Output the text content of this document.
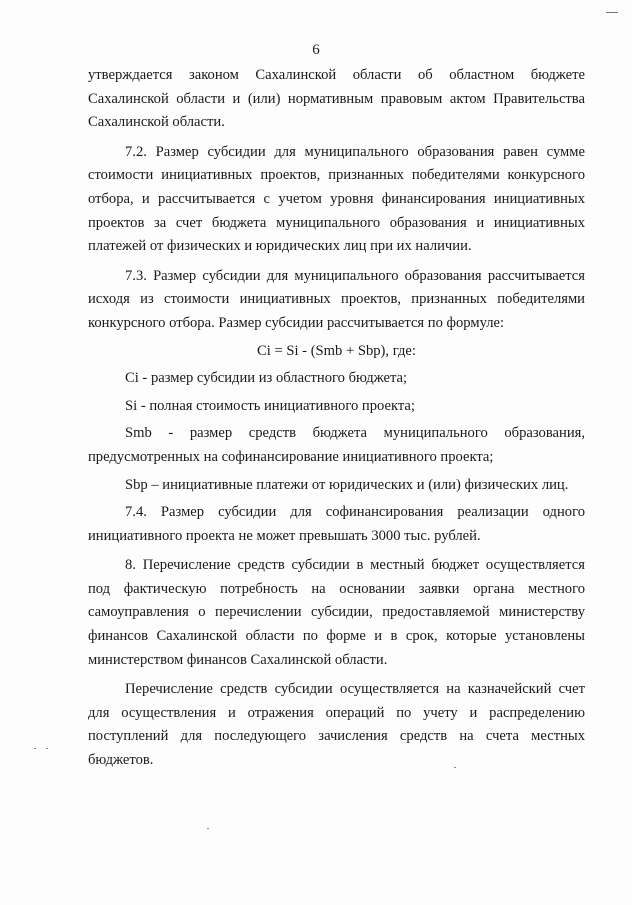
6

утверждается законом Сахалинской области об областном бюджете Сахалинской области и (или) нормативным правовым актом Правительства Сахалинской области.

7.2. Размер субсидии для муниципального образования равен сумме стоимости инициативных проектов, признанных победителями конкурсного отбора, и рассчитывается с учетом уровня финансирования инициативных проектов за счет бюджета муниципального образования и инициативных платежей от физических и юридических лиц при их наличии.

7.3. Размер субсидии для муниципального образования рассчитывается исходя из стоимости инициативных проектов, признанных победителями конкурсного отбора. Размер субсидии рассчитывается по формуле:

Ci = Si - (Smb + Sbp), где:

Ci - размер субсидии из областного бюджета;

Si - полная стоимость инициативного проекта;

Smb - размер средств бюджета муниципального образования, предусмотренных на софинансирование инициативного проекта;

Sbp – инициативные платежи от юридических и (или) физических лиц.

7.4. Размер субсидии для софинансирования реализации одного инициативного проекта не может превышать 3000 тыс. рублей.

8. Перечисление средств субсидии в местный бюджет осуществляется под фактическую потребность на основании заявки органа местного самоуправления о перечислении субсидии, предоставляемой министерству финансов Сахалинской области по форме и в срок, которые установлены министерством финансов Сахалинской области.

Перечисление средств субсидии осуществляется на казначейский счет для осуществления и отражения операций по учету и распределению поступлений для последующего зачисления средств на счета местных бюджетов.
